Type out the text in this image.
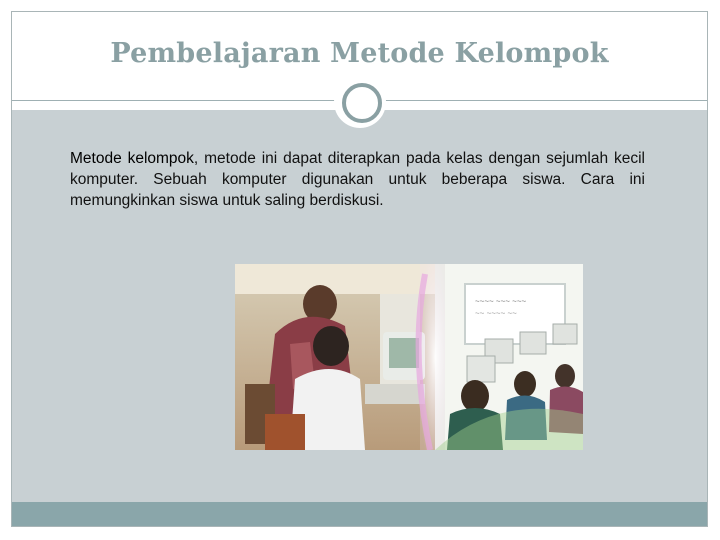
Pembelajaran Metode Kelompok
Metode kelompok, metode ini dapat diterapkan pada kelas dengan sejumlah kecil komputer. Sebuah komputer digunakan untuk beberapa siswa. Cara ini memungkinkan siswa untuk saling berdiskusi.
~~~~ ~~~ ~~~
~~ ~~~~ ~~
